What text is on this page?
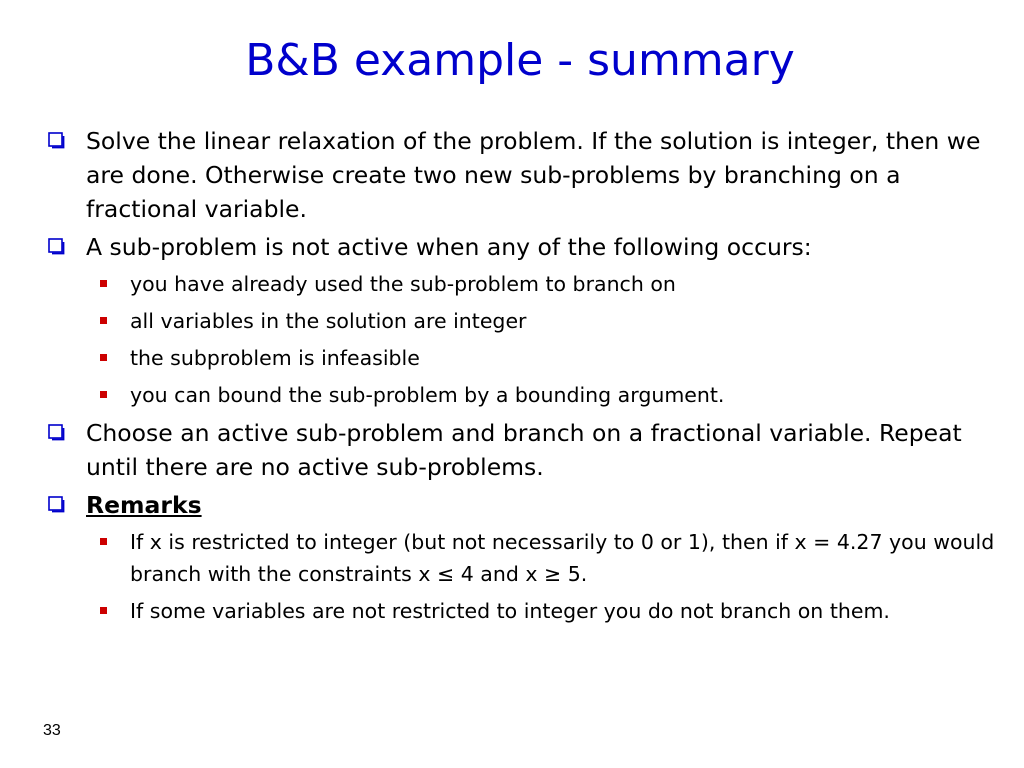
B&B example - summary
Solve the linear relaxation of the problem. If the solution is integer, then we are done. Otherwise create two new sub-problems by branching on a fractional variable.
A sub-problem is not active when any of the following occurs:
you have already used the sub-problem to branch on
all variables in the solution are integer
the subproblem is infeasible
you can bound the sub-problem by a bounding argument.
Choose an active sub-problem and branch on a fractional variable. Repeat until there are no active sub-problems.
Remarks
If x is restricted to integer (but not necessarily to 0 or 1), then if x = 4.27 you would branch with the constraints x ≤ 4 and x ≥ 5.
If some variables are not restricted to integer you do not branch on them.
33
